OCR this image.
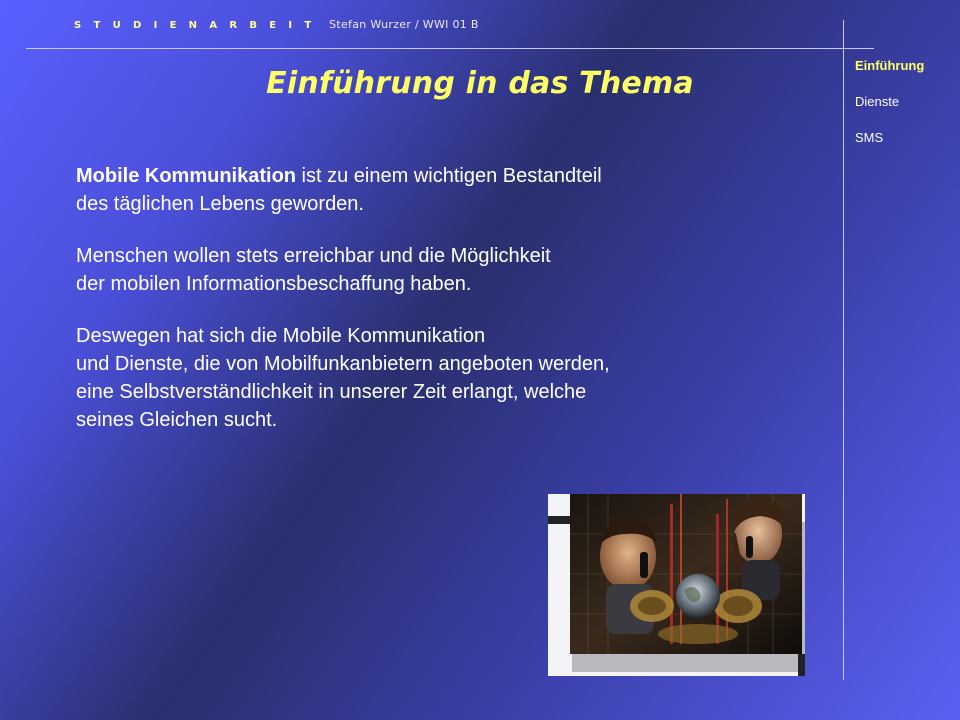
S T U D I E N A R B E I T Stefan Wurzer / WWI 01 B
Einführung in das Thema
Einführung
Dienste
SMS

Mobile Kommunikation ist zu einem wichtigen Bestandteil
des täglichen Lebens geworden.

Menschen wollen stets erreichbar und die Möglichkeit
der mobilen Informationsbeschaffung haben.

Deswegen hat sich die Mobile Kommunikation
und Dienste, die von Mobilfunkanbietern angeboten werden,
eine Selbstverständlichkeit in unserer Zeit erlangt, welche
seines Gleichen sucht.
